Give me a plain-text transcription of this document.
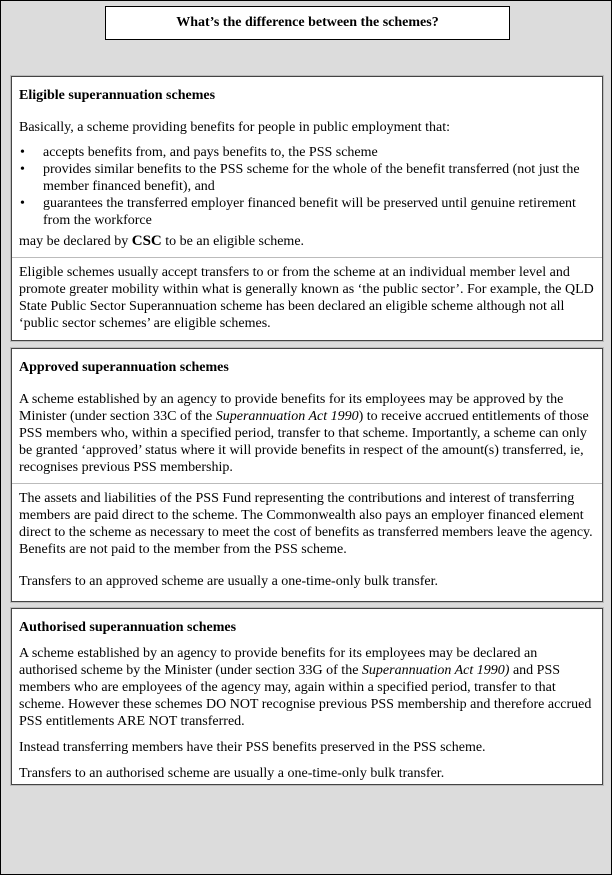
What’s the difference between the schemes?

Eligible superannuation schemes

Basically, a scheme providing benefits for people in public employment that:

• accepts benefits from, and pays benefits to, the PSS scheme
• provides similar benefits to the PSS scheme for the whole of the benefit transferred (not just the member financed benefit), and
• guarantees the transferred employer financed benefit will be preserved until genuine retirement from the workforce

may be declared by CSC to be an eligible scheme.

Eligible schemes usually accept transfers to or from the scheme at an individual member level and promote greater mobility within what is generally known as ‘the public sector’. For example, the QLD State Public Sector Superannuation scheme has been declared an eligible scheme although not all ‘public sector schemes’ are eligible schemes.

Approved superannuation schemes

A scheme established by an agency to provide benefits for its employees may be approved by the Minister (under section 33C of the Superannuation Act 1990) to receive accrued entitlements of those PSS members who, within a specified period, transfer to that scheme. Importantly, a scheme can only be granted ‘approved’ status where it will provide benefits in respect of the amount(s) transferred, ie, recognises previous PSS membership.

The assets and liabilities of the PSS Fund representing the contributions and interest of transferring members are paid direct to the scheme. The Commonwealth also pays an employer financed element direct to the scheme as necessary to meet the cost of benefits as transferred members leave the agency. Benefits are not paid to the member from the PSS scheme.

Transfers to an approved scheme are usually a one-time-only bulk transfer.

Authorised superannuation schemes

A scheme established by an agency to provide benefits for its employees may be declared an authorised scheme by the Minister (under section 33G of the Superannuation Act 1990) and PSS members who are employees of the agency may, again within a specified period, transfer to that scheme. However these schemes DO NOT recognise previous PSS membership and therefore accrued PSS entitlements ARE NOT transferred.

Instead transferring members have their PSS benefits preserved in the PSS scheme.

Transfers to an authorised scheme are usually a one-time-only bulk transfer.
